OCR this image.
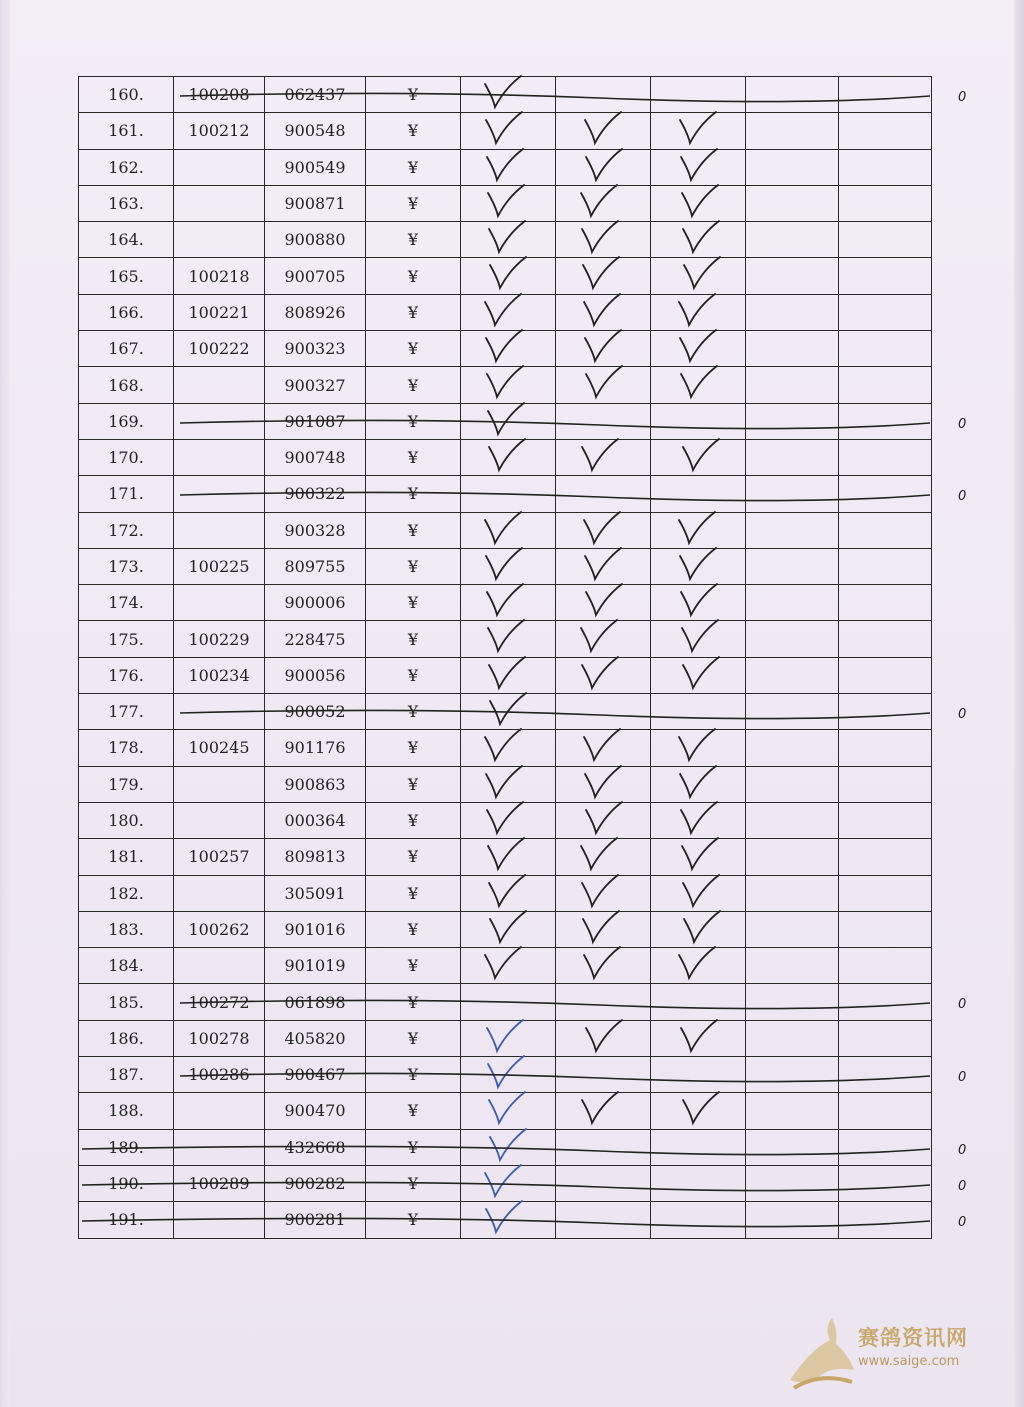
160.	100208	062437	¥					
161.	100212	900548	¥					
162.		900549	¥					
163.		900871	¥					
164.		900880	¥					
165.	100218	900705	¥					
166.	100221	808926	¥					
167.	100222	900323	¥					
168.		900327	¥					
169.		901087	¥					
170.		900748	¥					
171.		900322	¥					
172.		900328	¥					
173.	100225	809755	¥					
174.		900006	¥					
175.	100229	228475	¥					
176.	100234	900056	¥					
177.		900052	¥					
178.	100245	901176	¥					
179.		900863	¥					
180.		000364	¥					
181.	100257	809813	¥					
182.		305091	¥					
183.	100262	901016	¥					
184.		901019	¥					
185.	100272	061898	¥					
186.	100278	405820	¥					
187.	100286	900467	¥					
188.		900470	¥					
189.		432668	¥					
190.	100289	900282	¥					
191.		900281	¥					
0
0
0
0
0
0
0
0
0
赛鸽资讯网
www.saige.com
